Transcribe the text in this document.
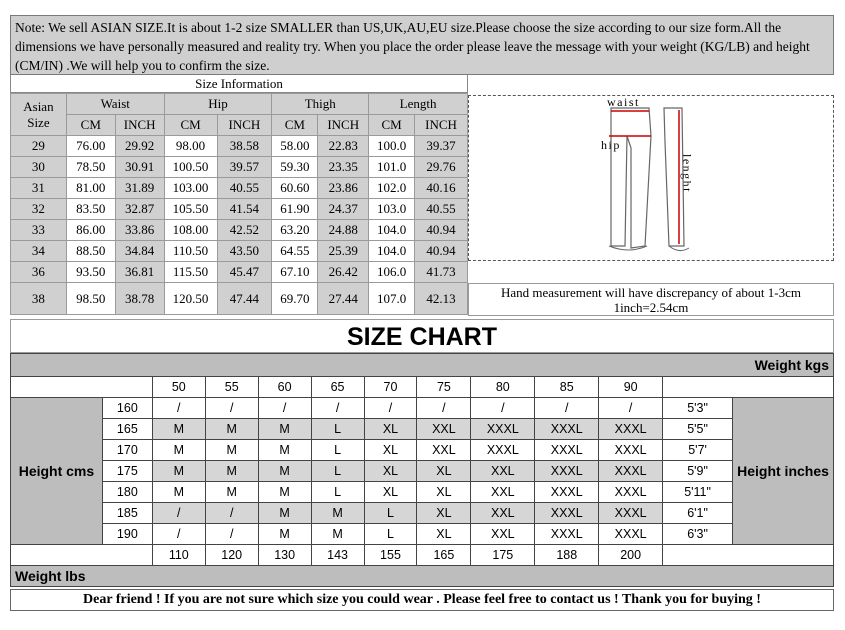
Note: We sell ASIAN SIZE.It is about 1-2 size SMALLER than US,UK,AU,EU size.Please choose the size according to our size form.All the dimensions we have personally measured and reality try. When you place the order please leave the message with your weight (KG/LB) and height (CM/IN) .We will help you to confirm the size.
Size Information
Asian Size	Waist		Hip		Thigh		Length	
	CM	INCH	CM	INCH	CM	INCH	CM	INCH
29	76.00	29.92	98.00	38.58	58.00	22.83	100.0	39.37
30	78.50	30.91	100.50	39.57	59.30	23.35	101.0	29.76
31	81.00	31.89	103.00	40.55	60.60	23.86	102.0	40.16
32	83.50	32.87	105.50	41.54	61.90	24.37	103.0	40.55
33	86.00	33.86	108.00	42.52	63.20	24.88	104.0	40.94
34	88.50	34.84	110.50	43.50	64.55	25.39	104.0	40.94
36	93.50	36.81	115.50	45.47	67.10	26.42	106.0	41.73
38	98.50	38.78	120.50	47.44	69.70	27.44	107.0	42.13
waist
hip
lenght
Hand measurement will have discrepancy of about 1-3cm
1inch=2.54cm
SIZE CHART
Weight kgs												
		50	55	60	65	70	75	80	85	90		
Height cms	160	/	/	/	/	/	/	/	/	/	5'3"	Height inches
	165	M	M	M	L	XL	XXL	XXXL	XXXL	XXXL	5'5"	
	170	M	M	M	L	XL	XXL	XXXL	XXXL	XXXL	5'7'	
	175	M	M	M	L	XL	XL	XXL	XXXL	XXXL	5'9"	
	180	M	M	M	L	XL	XL	XXL	XXXL	XXXL	5'11"	
	185	/	/	M	M	L	XL	XXL	XXXL	XXXL	6'1"	
	190	/	/	M	M	L	XL	XXL	XXXL	XXXL	6'3"	
		110	120	130	143	155	165	175	188	200		
Weight lbs												
Dear friend ! If you are not sure which size you could wear . Please feel free to contact us ! Thank you for buying !
